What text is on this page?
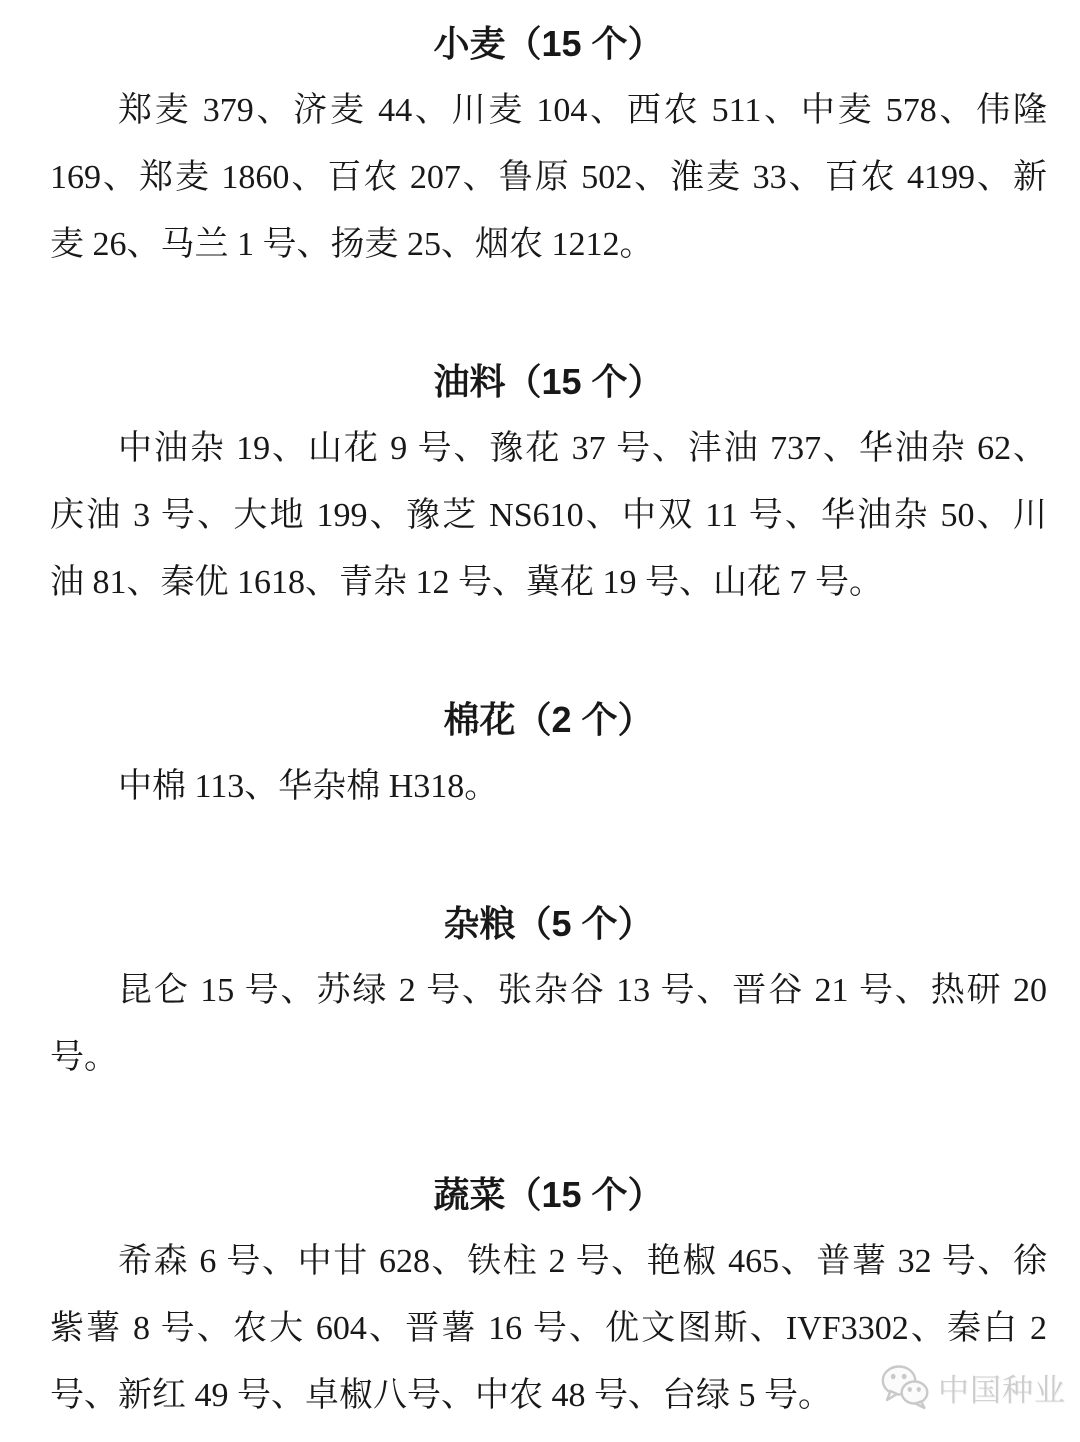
小麦（15 个）
郑麦 379、济麦 44、川麦 104、西农 511、中麦 578、伟隆
169、郑麦 1860、百农 207、鲁原 502、淮麦 33、百农 4199、新
麦 26、马兰 1 号、扬麦 25、烟农 1212。
油料（15 个）
中油杂 19、山花 9 号、豫花 37 号、沣油 737、华油杂 62、
庆油 3 号、大地 199、豫芝 NS610、中双 11 号、华油杂 50、川
油 81、秦优 1618、青杂 12 号、冀花 19 号、山花 7 号。
棉花（2 个）
中棉 113、华杂棉 H318。
杂粮（5 个）
昆仑 15 号、苏绿 2 号、张杂谷 13 号、晋谷 21 号、热研 20
号。
蔬菜（15 个）
希森 6 号、中甘 628、铁柱 2 号、艳椒 465、普薯 32 号、徐
紫薯 8 号、农大 604、晋薯 16 号、优文图斯、IVF3302、秦白 2
号、新红 49 号、卓椒八号、中农 48 号、台绿 5 号。	中国种业
